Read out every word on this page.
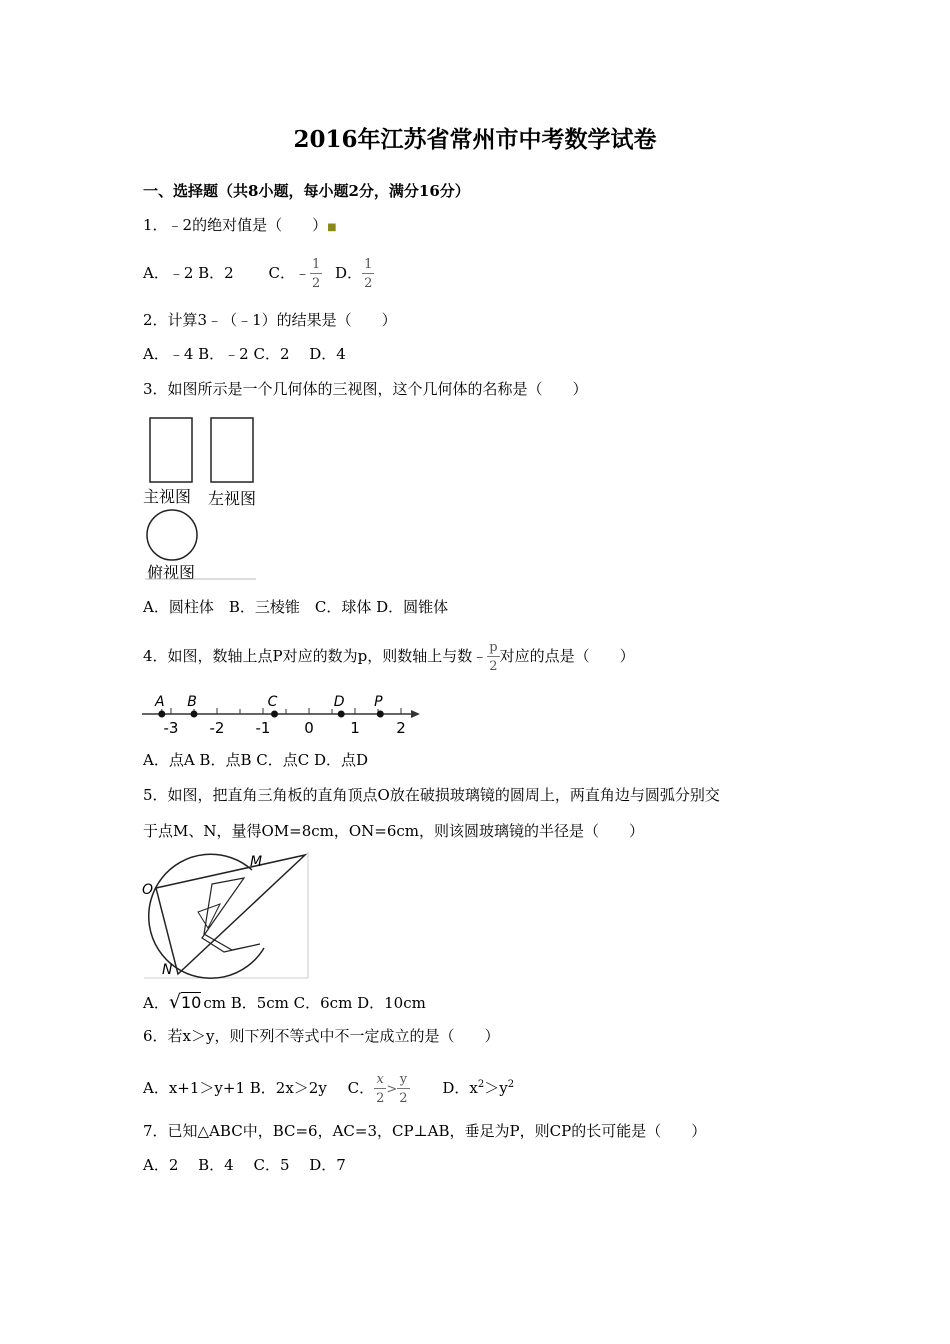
2016年江苏省常州市中考数学试卷
一、选择题（共8小题，每小题2分，满分16分）
1．﹣2的绝对值是（　　）■
A．﹣2 B．2 C．﹣ $\frac{1}{2}$ D． $\frac{1}{2}$
2．计算3﹣（﹣1）的结果是（　　）
A．﹣4 B．﹣2 C．2　 D．4
3．如图所示是一个几何体的三视图，这个几何体的名称是（　　）
主视图 左视图
俯视图
A．圆柱体　B．三棱锥　C．球体 D．圆锥体
4．如图，数轴上点P对应的数为p，则数轴上与数﹣ $\frac{p}{2}$ 对应的点是（　　）
-3 -2 -1 0 1 2
A B	C	D P
A．点A B．点B C．点C D．点D
5．如图，把直角三角板的直角顶点O放在破损玻璃镜的圆周上，两直角边与圆弧分别交
于点M、N，量得OM=8cm，ON=6cm，则该圆玻璃镜的半径是（　　）
O
M
N
A．√10 cm B．5cm C．6cm D．10cm
6．若x＞y，则下列不等式中不一定成立的是（　　）
A．x+1＞y+1 B．2x＞2y C． $\frac{x}{2} > \frac{y}{2}$ D．$x^2>y^2$
7．已知△ABC中，BC=6，AC=3，CP⊥AB，垂足为P，则CP的长可能是（　　）
A．2　 B．4　 C．5　 D．7
